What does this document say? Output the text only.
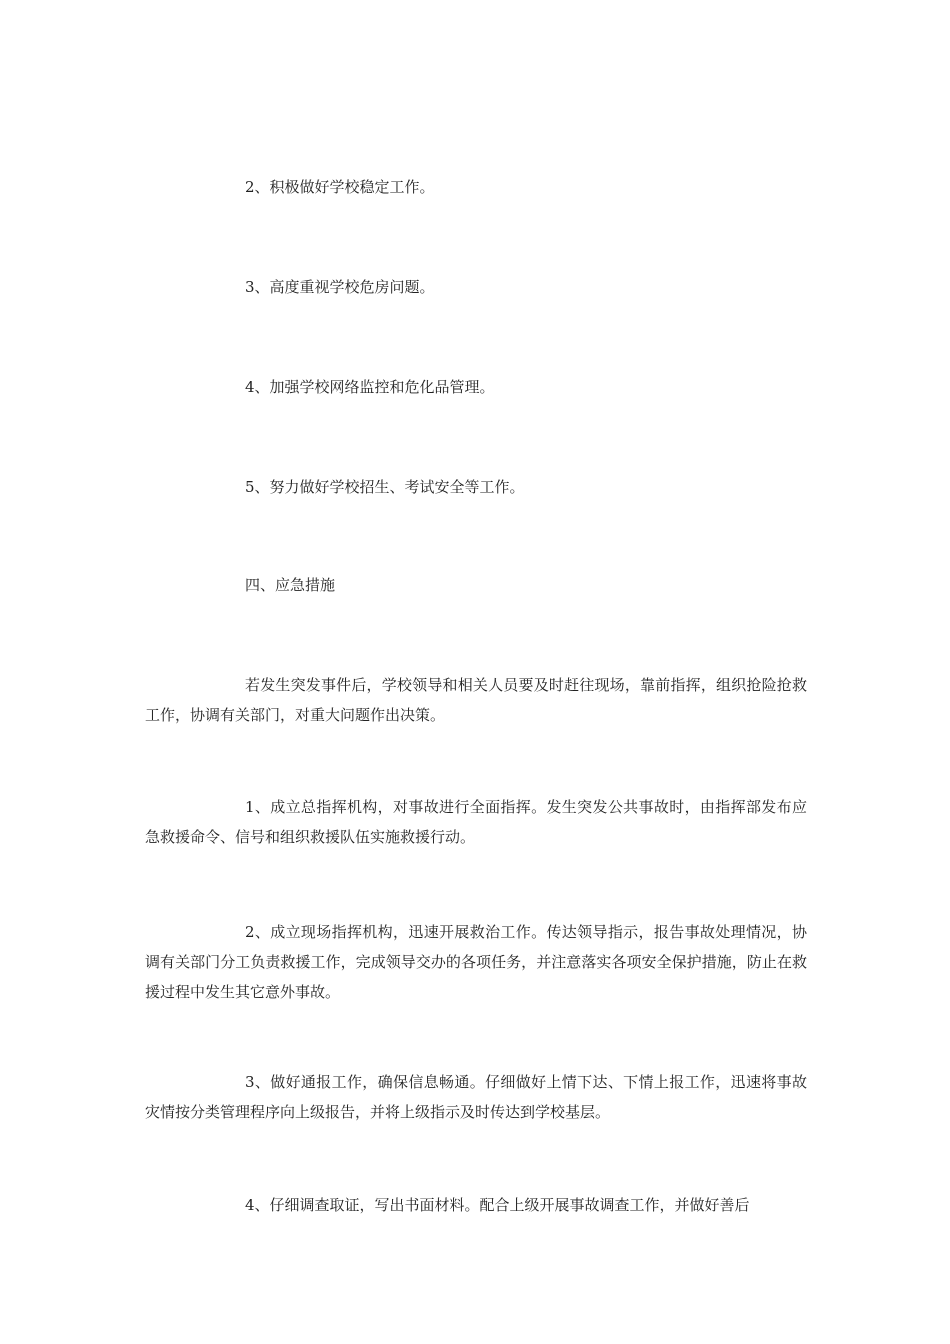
2、积极做好学校稳定工作。

3、高度重视学校危房问题。

4、加强学校网络监控和危化品管理。

5、努力做好学校招生、考试安全等工作。

四、应急措施

若发生突发事件后，学校领导和相关人员要及时赶往现场，靠前指挥，组织抢险抢救工作，协调有关部门，对重大问题作出决策。

1、成立总指挥机构，对事故进行全面指挥。发生突发公共事故时，由指挥部发布应急救援命令、信号和组织救援队伍实施救援行动。

2、成立现场指挥机构，迅速开展救治工作。传达领导指示，报告事故处理情况，协调有关部门分工负责救援工作，完成领导交办的各项任务，并注意落实各项安全保护措施，防止在救援过程中发生其它意外事故。

3、做好通报工作，确保信息畅通。仔细做好上情下达、下情上报工作，迅速将事故灾情按分类管理程序向上级报告，并将上级指示及时传达到学校基层。

4、仔细调查取证，写出书面材料。配合上级开展事故调查工作，并做好善后
